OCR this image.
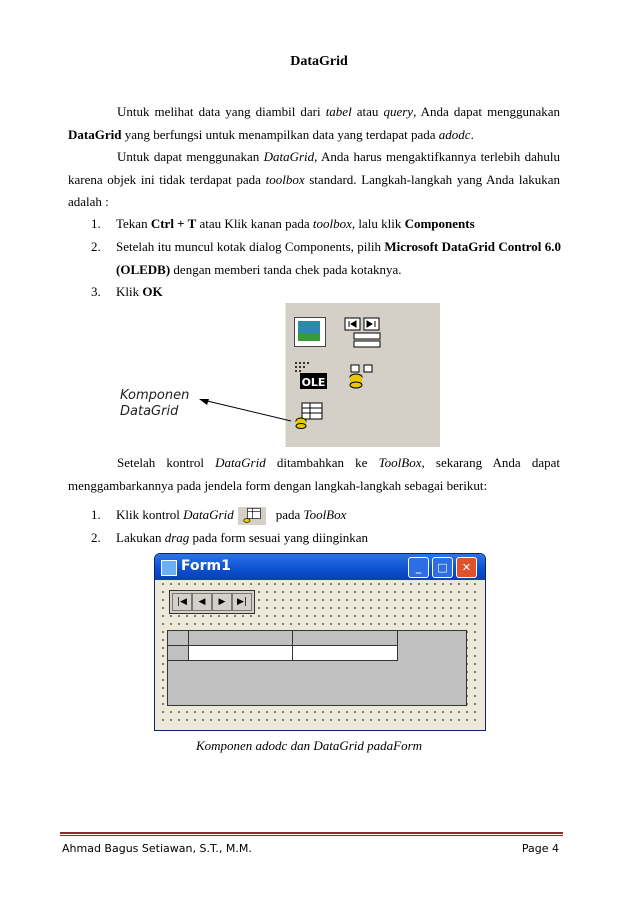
DataGrid
Untuk melihat data yang diambil dari tabel atau query, Anda dapat menggunakan DataGrid yang berfungsi untuk menampilkan data yang terdapat pada adodc.
Untuk dapat menggunakan DataGrid, Anda harus mengaktifkannya terlebih dahulu karena objek ini tidak terdapat pada toolbox standard. Langkah-langkah yang Anda lakukan adalah :
1. Tekan Ctrl + T atau Klik kanan pada toolbox, lalu klik Components
2. Setelah itu muncul kotak dialog Components, pilih Microsoft DataGrid Control 6.0 (OLEDB) dengan memberi tanda chek pada kotaknya.
3. Klik OK
OLE
Komponen
DataGrid
Setelah kontrol DataGrid ditambahkan ke ToolBox, sekarang Anda dapat menggambarkannya pada jendela form dengan langkah-langkah sebagai berikut:
1. Klik kontrol DataGrid	pada ToolBox
2. Lakukan drag pada form sesuai yang diinginkan
Form1	_	□	✕
|◀	◀	▶	▶|
Komponen adodc dan DataGrid padaForm
Ahmad Bagus Setiawan, S.T., M.M.	Page 4
